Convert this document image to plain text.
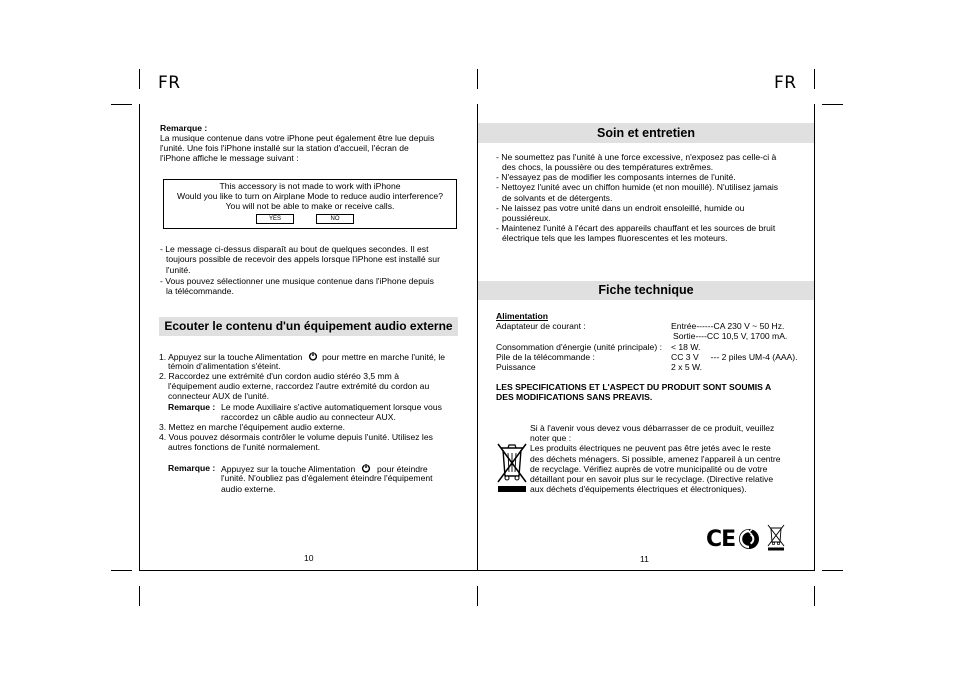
FR	FR
Remarque :
La musique contenue dans votre iPhone peut également être lue depuis
l'unité. Une fois l'iPhone installé sur la station d'accueil, l'écran de
l'iPhone affiche le message suivant :
This accessory is not made to work with iPhone
Would you like to turn on Airplane Mode to reduce audio interference?
You will not be able to make or receive calls.
YES	NO
- Le message ci-dessus disparaît au bout de quelques secondes. Il est
toujours possible de recevoir des appels lorsque l'iPhone est installé sur
l'unité.
- Vous pouvez sélectionner une musique contenue dans l'iPhone depuis
la télécommande.
Ecouter le contenu d'un équipement audio externe
1. Appuyez sur la touche Alimentation pour mettre en marche l'unité, le
témoin d'alimentation s'éteint.
2. Raccordez une extrémité d'un cordon audio stéréo 3,5 mm à
l'équipement audio externe, raccordez l'autre extrémité du cordon au
connecteur AUX de l'unité.
Remarque : Le mode Auxiliaire s'active automatiquement lorsque vous
raccordez un câble audio au connecteur AUX.
3. Mettez en marche l'équipement audio externe.
4. Vous pouvez désormais contrôler le volume depuis l'unité. Utilisez les
autres fonctions de l'unité normalement.
Remarque : Appuyez sur la touche Alimentation	pour éteindre
l'unité. N'oubliez pas d'également éteindre l'équipement
audio externe.
10
Soin et entretien
- Ne soumettez pas l'unité à une force excessive, n'exposez pas celle-ci à
des chocs, la poussière ou des températures extrêmes.
- N'essayez pas de modifier les composants internes de l'unité.
- Nettoyez l'unité avec un chiffon humide (et non mouillé). N'utilisez jamais
de solvants et de détergents.
- Ne laissez pas votre unité dans un endroit ensoleillé, humide ou
poussiéreux.
- Maintenez l'unité à l'écart des appareils chauffant et les sources de bruit
électrique tels que les lampes fluorescentes et les moteurs.
Fiche technique
Alimentation
Adaptateur de courant :	Entrée------CA 230 V ~ 50 Hz.
Sortie----CC 10,5 V, 1700 mA.
Consommation d'énergie (unité principale) : < 18 W.
Pile de la télécommande :	CC 3 V     --- 2 piles UM-4 (AAA).
Puissance	2 x 5 W.
LES SPECIFICATIONS ET L'ASPECT DU PRODUIT SONT SOUMIS A
DES MODIFICATIONS SANS PREAVIS.
Si à l'avenir vous devez vous débarrasser de ce produit, veuillez
noter que :
Les produits électriques ne peuvent pas être jetés avec le reste
des déchets ménagers. Si possible, amenez l'appareil à un centre
de recyclage. Vérifiez auprès de votre municipalité ou de votre
détaillant pour en savoir plus sur le recyclage. (Directive relative
aux déchets d'équipements électriques et électroniques).
CE
11
